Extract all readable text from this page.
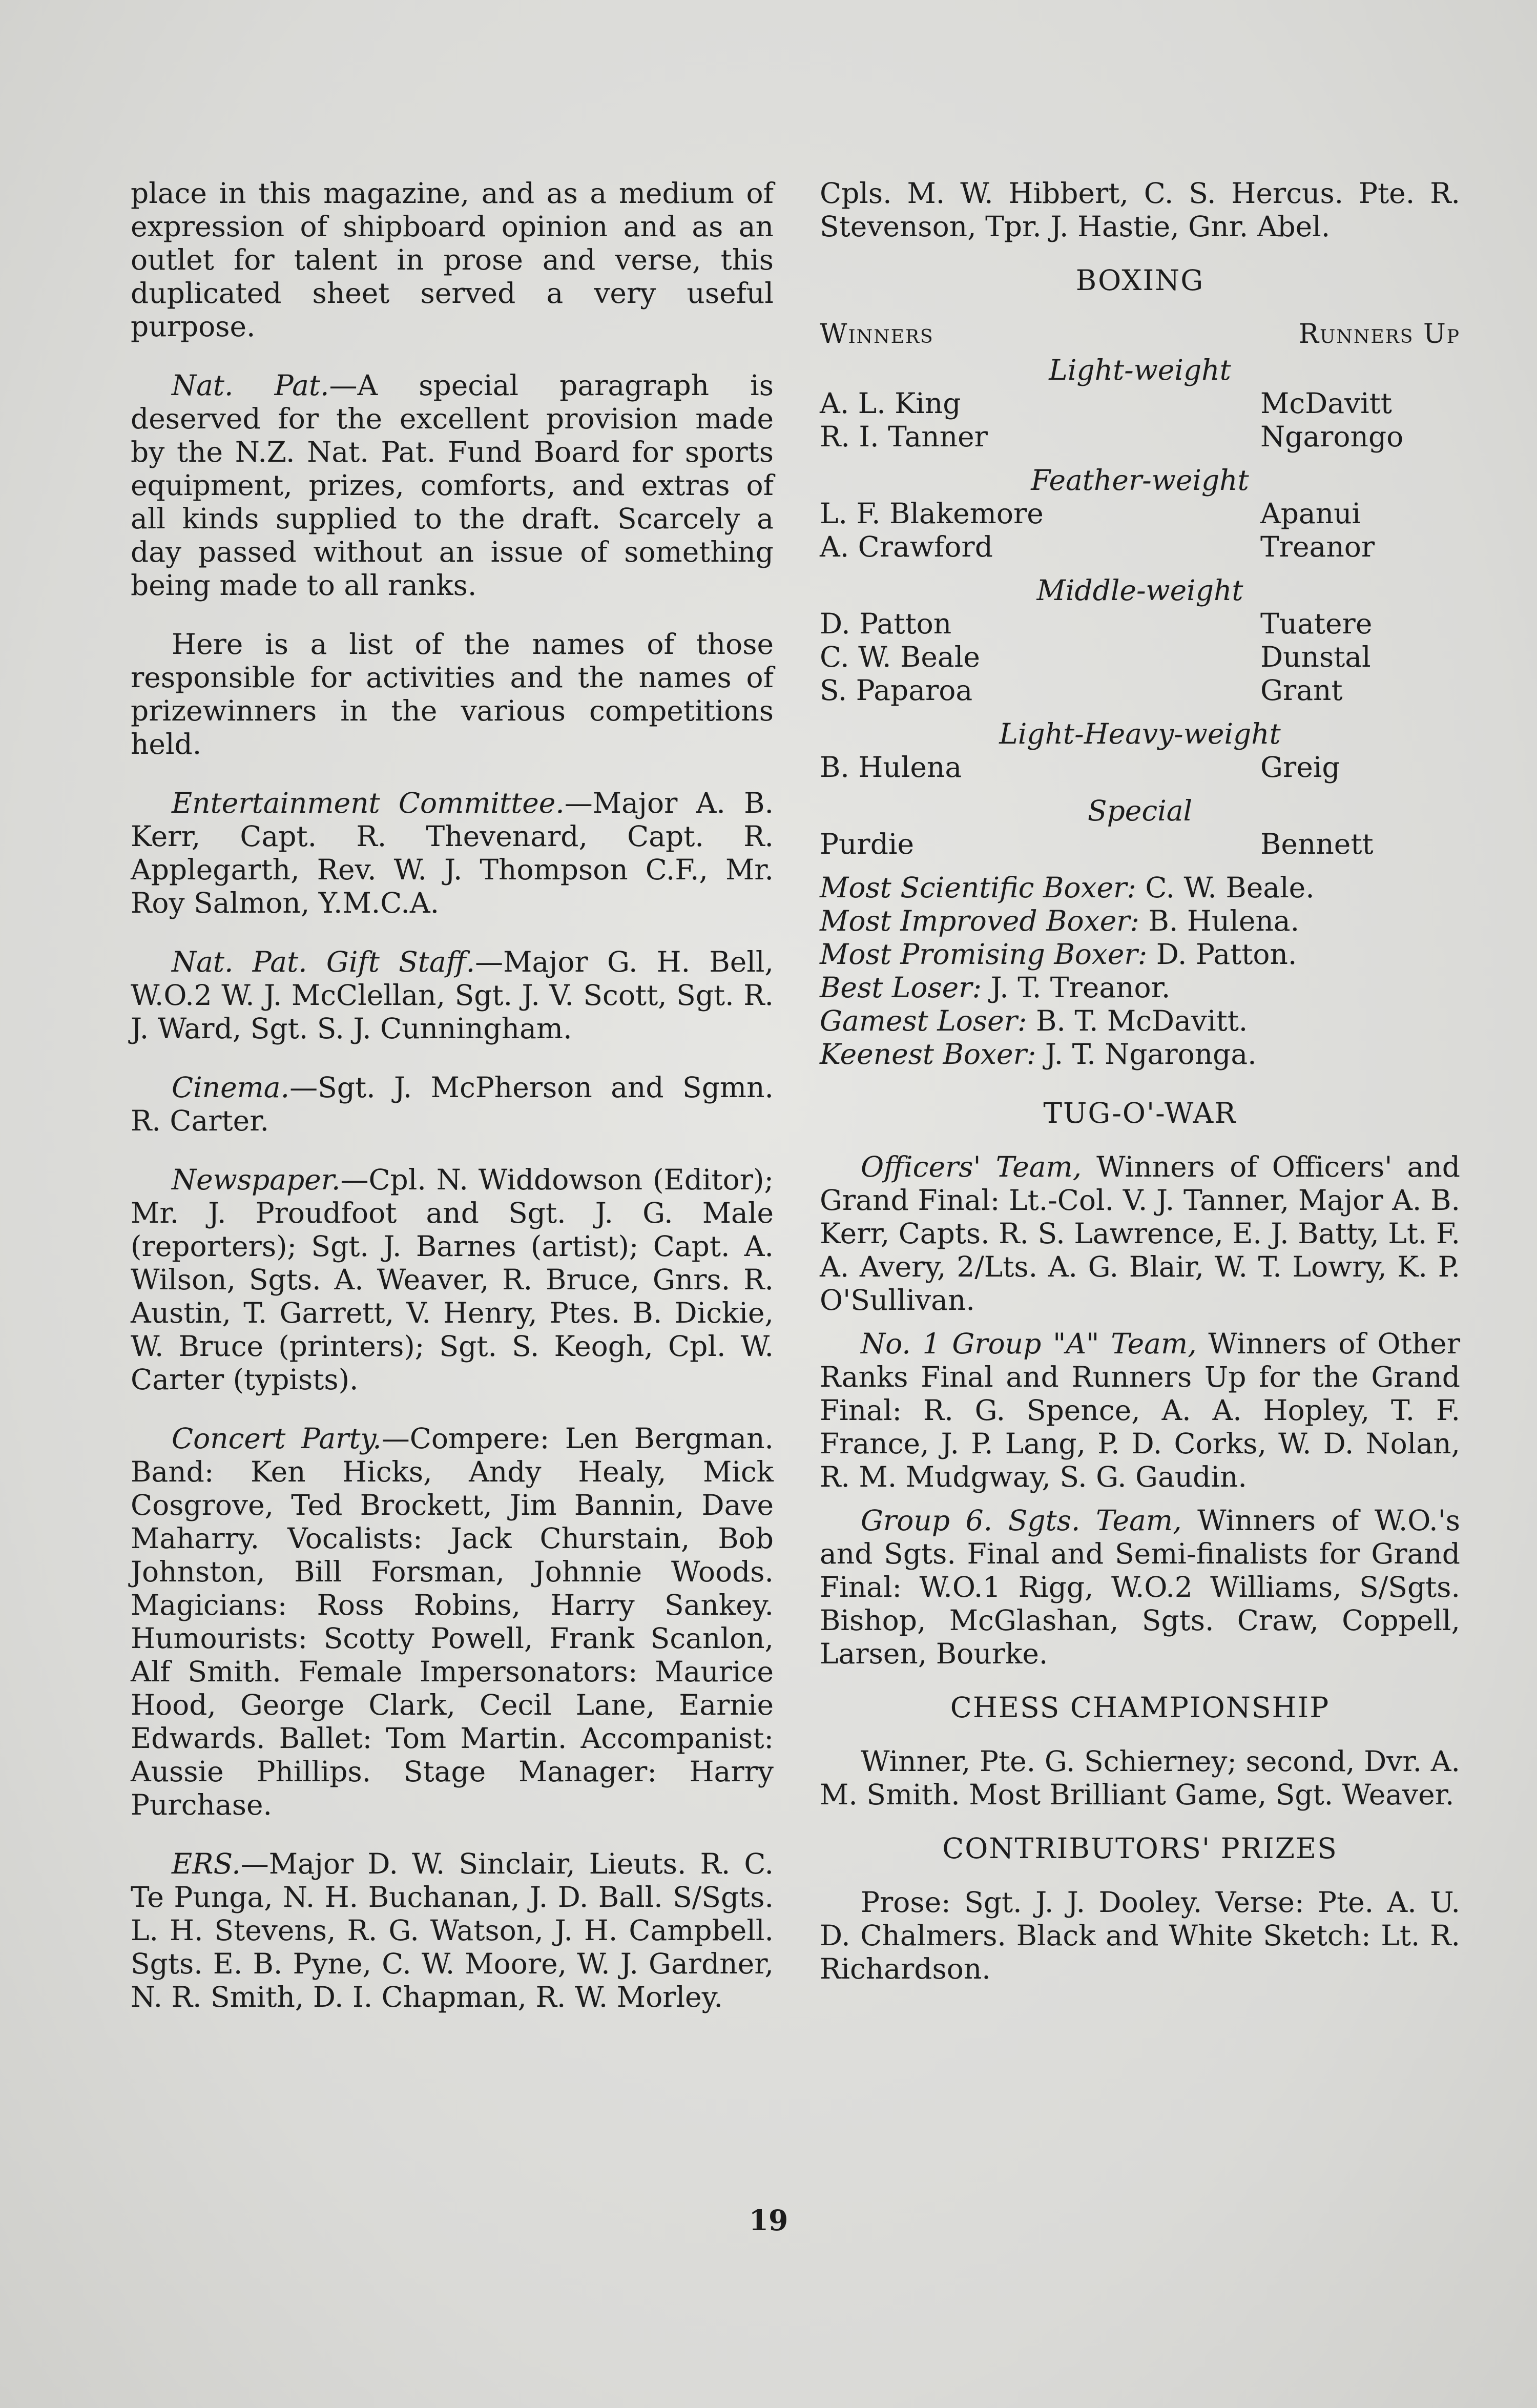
place in this magazine, and as a medium of expression of shipboard opinion and as an outlet for talent in prose and verse, this duplicated sheet served a very useful purpose.

Nat. Pat.—A special paragraph is deserved for the excellent provision made by the N.Z. Nat. Pat. Fund Board for sports equipment, prizes, comforts, and extras of all kinds supplied to the draft. Scarcely a day passed without an issue of something being made to all ranks.

Here is a list of the names of those responsible for activities and the names of prizewinners in the various competitions held.

Entertainment Committee.—Major A. B. Kerr, Capt. R. Thevenard, Capt. R. Applegarth, Rev. W. J. Thompson C.F., Mr. Roy Salmon, Y.M.C.A.

Nat. Pat. Gift Staff.—Major G. H. Bell, W.O.2 W. J. McClellan, Sgt. J. V. Scott, Sgt. R. J. Ward, Sgt. S. J. Cunningham.

Cinema.—Sgt. J. McPherson and Sgmn. R. Carter.

Newspaper.—Cpl. N. Widdowson (Editor); Mr. J. Proudfoot and Sgt. J. G. Male (reporters); Sgt. J. Barnes (artist); Capt. A. Wilson, Sgts. A. Weaver, R. Bruce, Gnrs. R. Austin, T. Garrett, V. Henry, Ptes. B. Dickie, W. Bruce (printers); Sgt. S. Keogh, Cpl. W. Carter (typists).

Concert Party.—Compere: Len Bergman. Band: Ken Hicks, Andy Healy, Mick Cosgrove, Ted Brockett, Jim Bannin, Dave Maharry. Vocalists: Jack Churstain, Bob Johnston, Bill Forsman, Johnnie Woods. Magicians: Ross Robins, Harry Sankey. Humourists: Scotty Powell, Frank Scanlon, Alf Smith. Female Impersonators: Maurice Hood, George Clark, Cecil Lane, Earnie Edwards. Ballet: Tom Martin. Accompanist: Aussie Phillips. Stage Manager: Harry Purchase.

ERS.—Major D. W. Sinclair, Lieuts. R. C. Te Punga, N. H. Buchanan, J. D. Ball. S/Sgts. L. H. Stevens, R. G. Watson, J. H. Campbell. Sgts. E. B. Pyne, C. W. Moore, W. J. Gardner, N. R. Smith, D. I. Chapman, R. W. Morley.

Cpls. M. W. Hibbert, C. S. Hercus. Pte. R. Stevenson, Tpr. J. Hastie, Gnr. Abel.

BOXING
Winners	Runners Up

Light-weight

A. L. King	McDavitt
R. I. Tanner	Ngarongo

Feather-weight

L. F. Blakemore	Apanui
A. Crawford	Treanor

Middle-weight

D. Patton	Tuatere
C. W. Beale	Dunstal
S. Paparoa	Grant

Light-Heavy-weight

B. Hulena	Greig

Special

Purdie	Bennett

Most Scientific Boxer: C. W. Beale.

Most Improved Boxer: B. Hulena.

Most Promising Boxer: D. Patton.

Best Loser: J. T. Treanor.

Gamest Loser: B. T. McDavitt.

Keenest Boxer: J. T. Ngaronga.

TUG-O'-WAR

Officers' Team, Winners of Officers' and Grand Final: Lt.-Col. V. J. Tanner, Major A. B. Kerr, Capts. R. S. Lawrence, E. J. Batty, Lt. F. A. Avery, 2/Lts. A. G. Blair, W. T. Lowry, K. P. O'Sullivan.

No. 1 Group "A" Team, Winners of Other Ranks Final and Runners Up for the Grand Final: R. G. Spence, A. A. Hopley, T. F. France, J. P. Lang, P. D. Corks, W. D. Nolan, R. M. Mudgway, S. G. Gaudin.

Group 6. Sgts. Team, Winners of W.O.'s and Sgts. Final and Semi-finalists for Grand Final: W.O.1 Rigg, W.O.2 Williams, S/Sgts. Bishop, McGlashan, Sgts. Craw, Coppell, Larsen, Bourke.

CHESS CHAMPIONSHIP

Winner, Pte. G. Schierney; second, Dvr. A. M. Smith. Most Brilliant Game, Sgt. Weaver.

CONTRIBUTORS' PRIZES

Prose: Sgt. J. J. Dooley. Verse: Pte. A. U. D. Chalmers. Black and White Sketch: Lt. R. Richardson.

19
